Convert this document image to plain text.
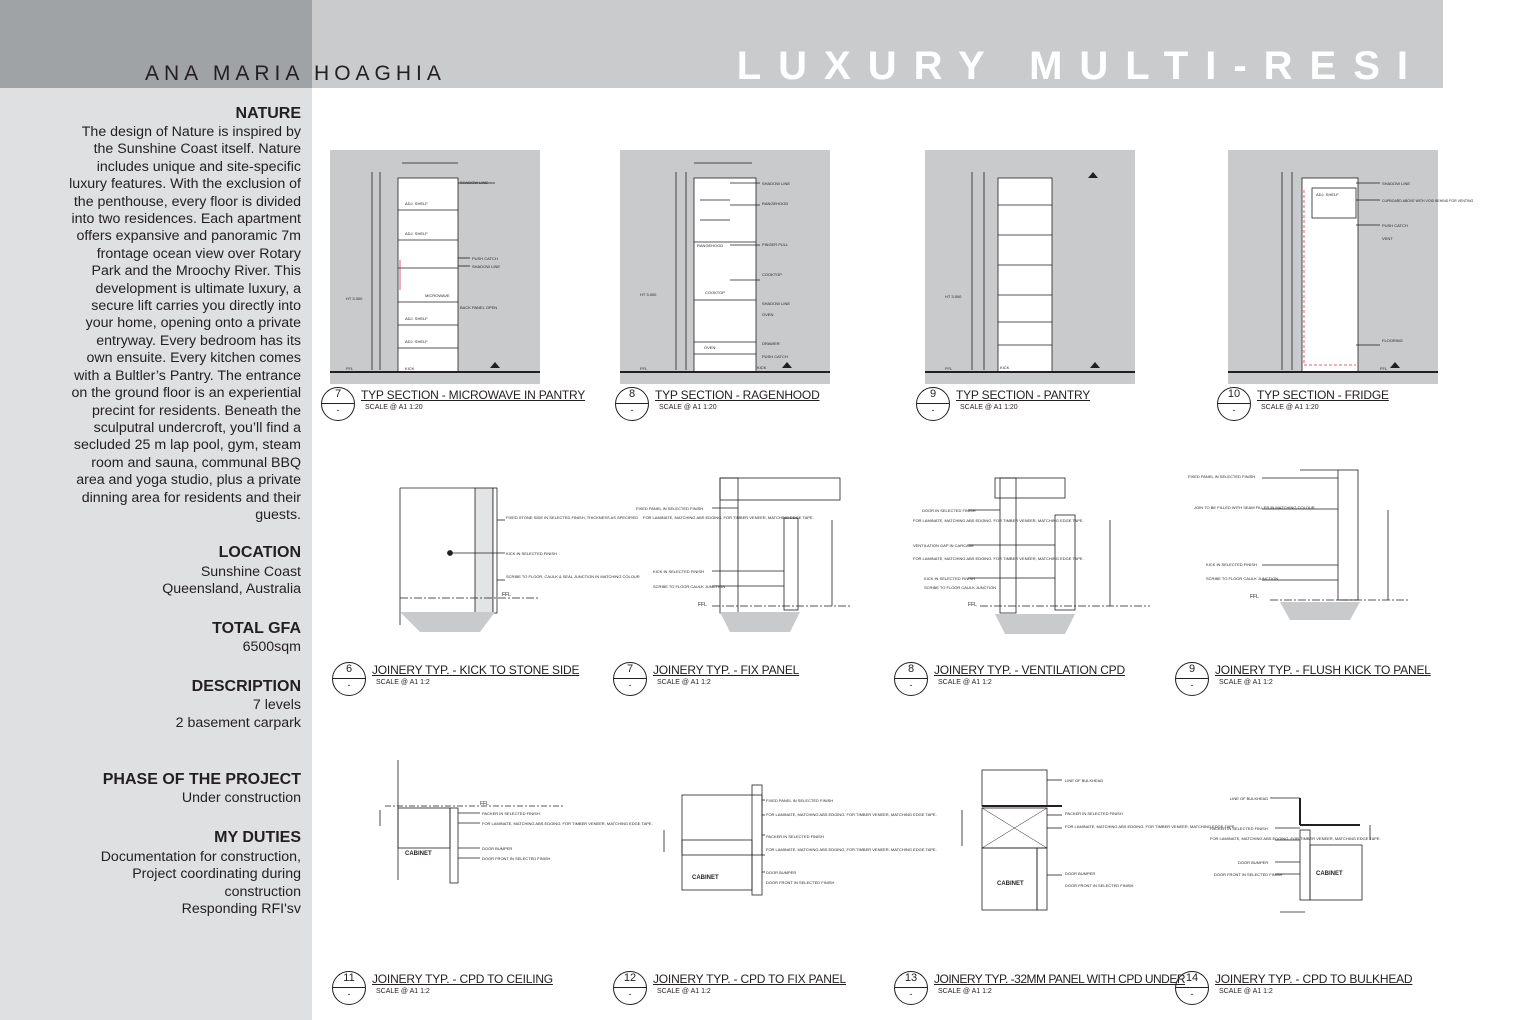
ANA MARIA HOAGHIA	LUXURY MULTI-RESI
NATURE
The design of Nature is inspired by the Sunshine Coast itself. Nature includes unique and site-specific luxury features. With the exclusion of the penthouse, every floor is divided into two residences. Each apartment offers expansive and panoramic 7m frontage ocean view over Rotary Park and the Mroochy River. This development is ultimate luxury, a secure lift carries you directly into your home, opening onto a private entryway. Every bedroom has its own ensuite. Every kitchen comes with a Bultler’s Pantry. The entrance on the ground floor is an experiential precint for residents. Beneath the sculputral undercroft, you’ll find a secluded 25 m lap pool, gym, steam room and sauna, communal BBQ area and yoga studio, plus a private dinning area for residents and their guests.
LOCATION
Sunshine Coast
Queensland, Australia
TOTAL GFA
6500sqm
DESCRIPTION
7 levels
2 basement carpark
PHASE OF THE PROJECT
Under construction
MY DUTIES
Documentation for construction,
Project coordinating during
construction
Responding RFI'sv
SHADOW LINE
ADJ. SHELF
ADJ. SHELF
PUSH CATCH
SHADOW LINE
MICROWAVE
BACK PANEL OPEN
ADJ. SHELF
ADJ. SHELF
HT 3.000
FFL	KICK
SHADOW LINE
RANGEHOOD
RANGEHOOD	FINGER PULL
COOKTOP
COOKTOP
SHADOW LINE
OVEN
OVEN
DRAWER
PUSH CATCH
HT 3.000
FFL	KICK
HT 3.000
FFL	KICK
SHADOW LINE
ADJ. SHELF
CUPBOARD ABOVE WITH VOID BEHIND FOR VENTING
PUSH CATCH
VENT
FLOORING
FFL
FIXED STONE SIDE IN SELECTED FINISH, THICKNESS AS SPECIFIED
KICK IN SELECTED FINISH
SCRIBE TO FLOOR, CAULK & SEAL JUNCTION IN MATCHING COLOUR
FFL
FIXED PANEL IN SELECTED FINISH
FOR LAMINATE, MATCHING ABS EDGING. FOR TIMBER VENEER, MATCHING EDGE TAPE.
KICK IN SELECTED FINISH
SCRIBE TO FLOOR CAULK JUNCTION
FFL
DOOR IN SELECTED FINISH
FOR LAMINATE, MATCHING ABS EDGING. FOR TIMBER VENEER, MATCHING EDGE TAPE.
VENTILATION GAP IN CARCASE
FOR LAMINATE, MATCHING ABS EDGING. FOR TIMBER VENEER, MATCHING EDGE TAPE.
KICK IN SELECTED FINISH
SCRIBE TO FLOOR CAULK JUNCTION
FFL
FIXED PANEL IN SELECTED FINISH
JOIN TO BE FILLED WITH SEAM FILLER IN MATCHING COLOUR
KICK IN SELECTED FINISH
SCRIBE TO FLOOR CAULK JUNCTION
FFL
FFL
PACKER IN SELECTED FINISH
FOR LAMINATE, MATCHING ABS EDGING. FOR TIMBER VENEER, MATCHING EDGE TAPE.
DOOR BUMPER
DOOR FRONT IN SELECTED FINISH
CABINET
FIXED PANEL IN SELECTED FINISH
FOR LAMINATE, MATCHING ABS EDGING. FOR TIMBER VENEER, MATCHING EDGE TAPE.
PACKER IN SELECTED FINISH
FOR LAMINATE, MATCHING ABS EDGING. FOR TIMBER VENEER, MATCHING EDGE TAPE.
DOOR BUMPER
DOOR FRONT IN SELECTED FINISH
CABINET
LINE OF BULKHEAD
PACKER IN SELECTED FINISH
FOR LAMINATE, MATCHING ABS EDGING. FOR TIMBER VENEER, MATCHING EDGE TAPE.
DOOR BUMPER
DOOR FRONT IN SELECTED FINISH
CABINET
LINE OF BULKHEAD
PACKER IN SELECTED FINISH
FOR LAMINATE, MATCHING ABS EDGING. FOR TIMBER VENEER, MATCHING EDGE TAPE.
DOOR BUMPER
DOOR FRONT IN SELECTED FINISH	CABINET
7
-
TYP SECTION - MICROWAVE IN PANTRY
SCALE @ A1 1:20
8
-
TYP SECTION - RAGENHOOD
SCALE @ A1 1:20
9
-
TYP SECTION - PANTRY
SCALE @ A1 1:20
10
-
TYP SECTION - FRIDGE
SCALE @ A1 1:20
6
-
JOINERY TYP. - KICK TO STONE SIDE
SCALE @ A1 1:2
7
-
JOINERY TYP. - FIX PANEL
SCALE @ A1 1:2
8
-
JOINERY TYP. - VENTILATION CPD
SCALE @ A1 1:2
9
-
JOINERY TYP. - FLUSH KICK TO PANEL
SCALE @ A1 1:2
11
-
JOINERY TYP. - CPD TO CEILING
SCALE @ A1 1:2
12
-
JOINERY TYP. - CPD TO FIX PANEL
SCALE @ A1 1:2
13
-
JOINERY TYP. -32MM PANEL WITH CPD UNDER
SCALE @ A1 1:2
14
-
JOINERY TYP. - CPD TO BULKHEAD
SCALE @ A1 1:2
